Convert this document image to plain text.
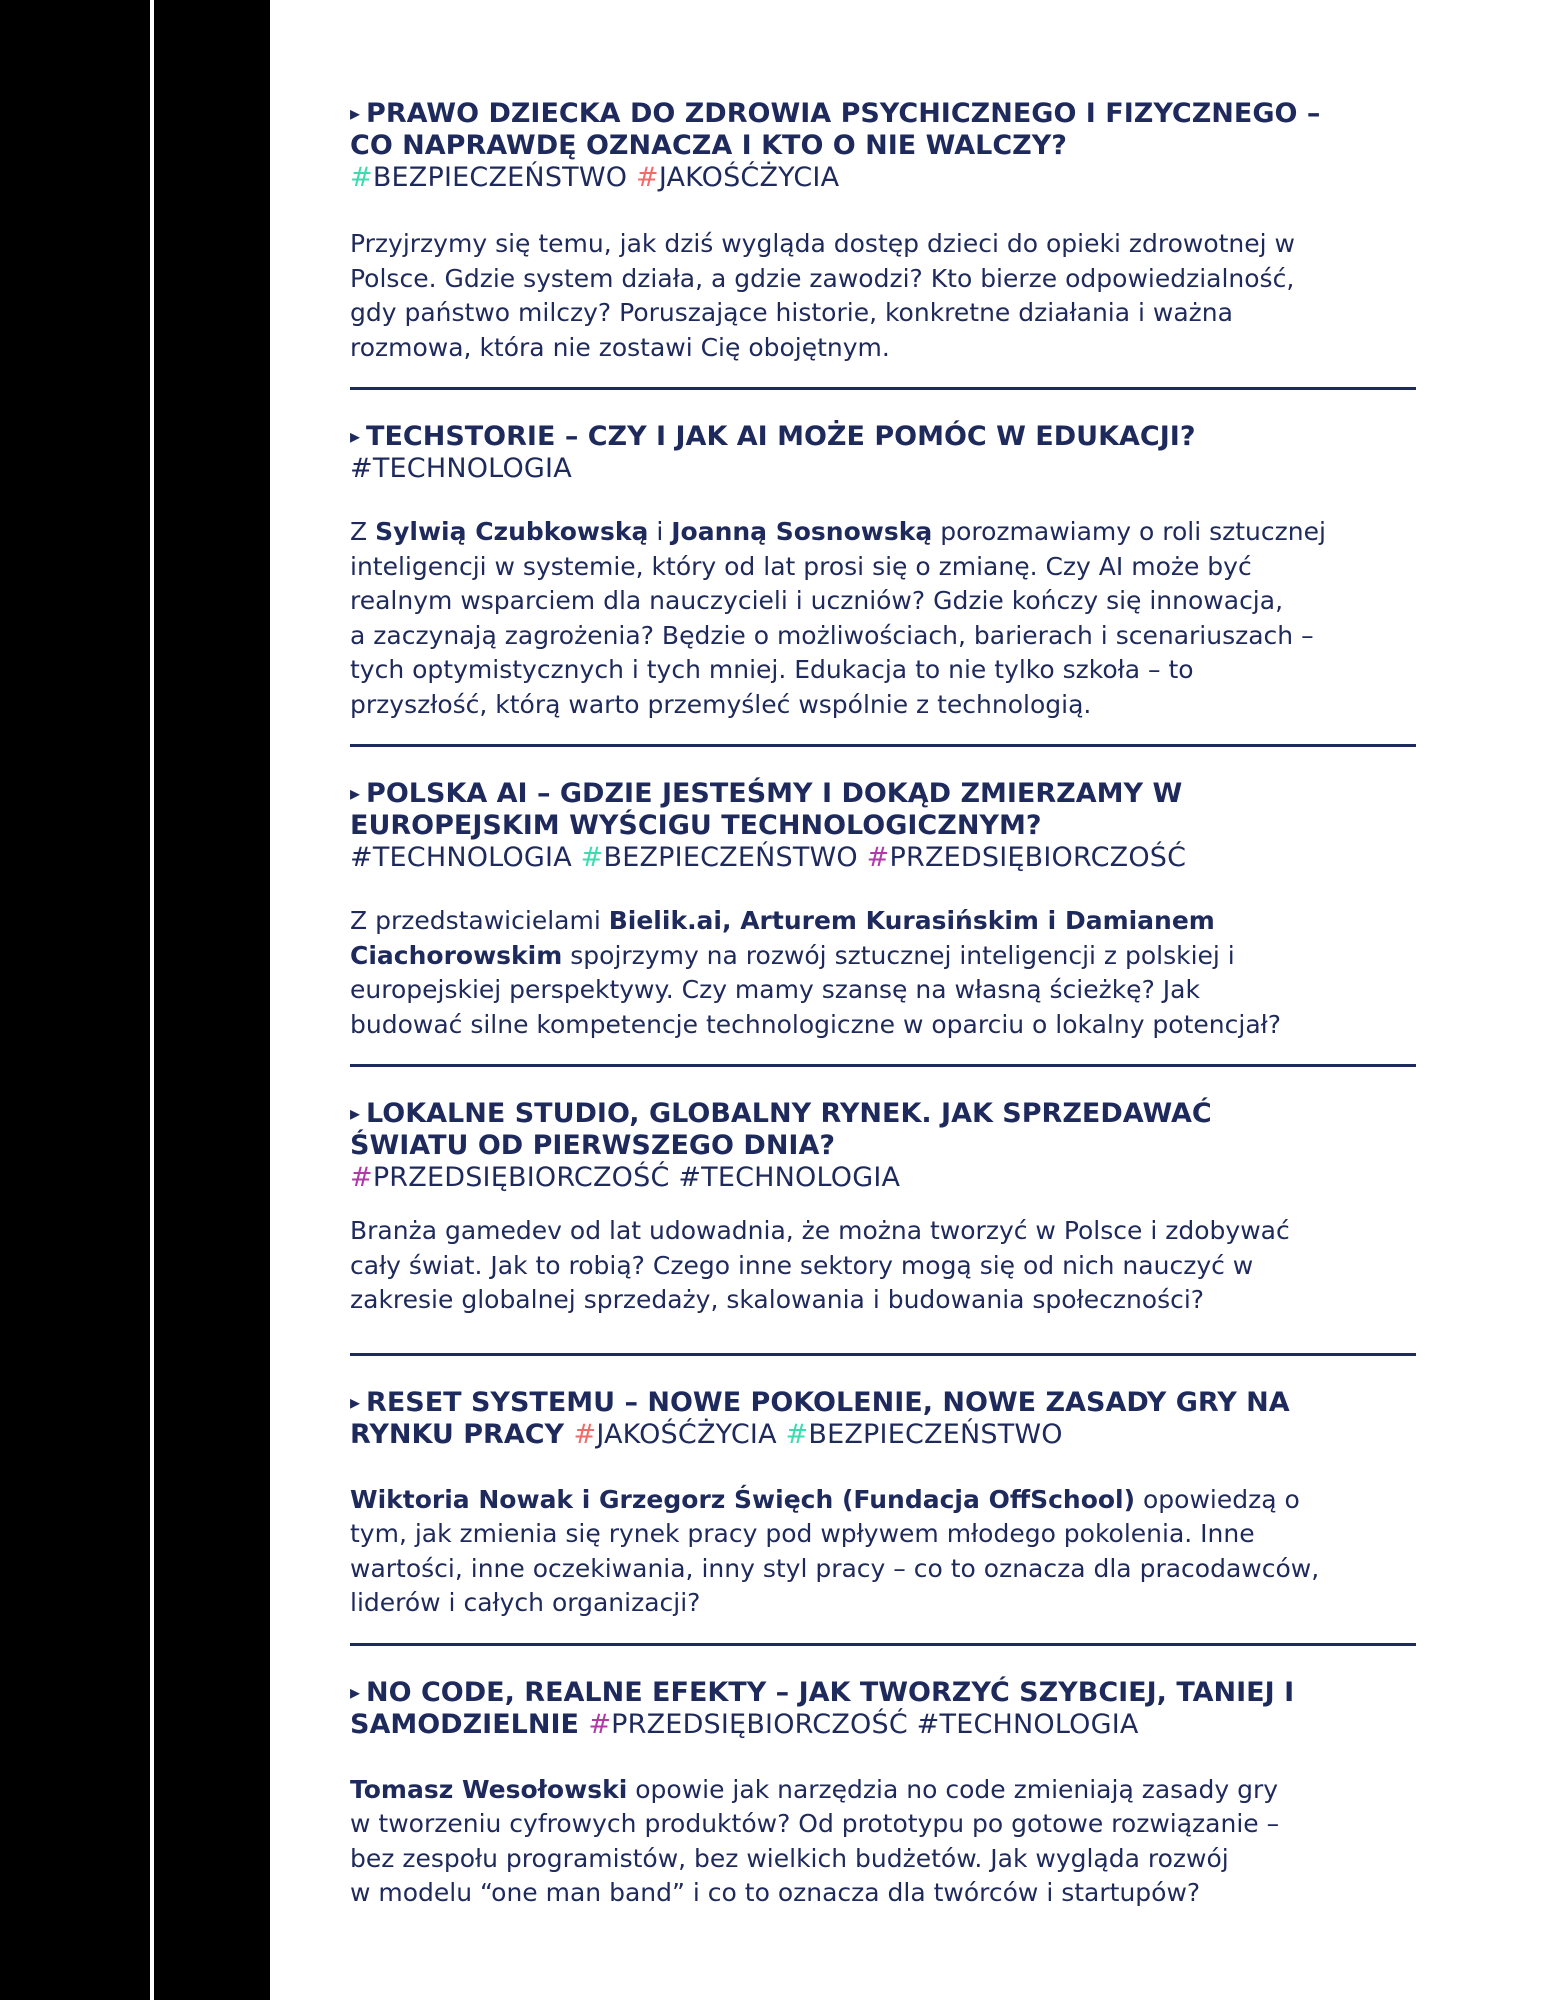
▸ PRAWO DZIECKA DO ZDROWIA PSYCHICZNEGO I FIZYCZNEGO –
CO NAPRAWDĘ OZNACZA I KTO O NIE WALCZY?
#BEZPIECZEŃSTWO #JAKOŚĆŻYCIA
Przyjrzymy się temu, jak dziś wygląda dostęp dzieci do opieki zdrowotnej w
Polsce. Gdzie system działa, a gdzie zawodzi? Kto bierze odpowiedzialność,
gdy państwo milczy? Poruszające historie, konkretne działania i ważna
rozmowa, która nie zostawi Cię obojętnym.
▸ TECHSTORIE – CZY I JAK AI MOŻE POMÓC W EDUKACJI?
#TECHNOLOGIA
Z Sylwią Czubkowską i Joanną Sosnowską porozmawiamy o roli sztucznej
inteligencji w systemie, który od lat prosi się o zmianę. Czy AI może być
realnym wsparciem dla nauczycieli i uczniów? Gdzie kończy się innowacja,
a zaczynają zagrożenia? Będzie o możliwościach, barierach i scenariuszach –
tych optymistycznych i tych mniej. Edukacja to nie tylko szkoła – to
przyszłość, którą warto przemyśleć wspólnie z technologią.
▸ POLSKA AI – GDZIE JESTEŚMY I DOKĄD ZMIERZAMY W
EUROPEJSKIM WYŚCIGU TECHNOLOGICZNYM?
#TECHNOLOGIA #BEZPIECZEŃSTWO #PRZEDSIĘBIORCZOŚĆ
Z przedstawicielami Bielik.ai, Arturem Kurasińskim i Damianem
Ciachorowskim spojrzymy na rozwój sztucznej inteligencji z polskiej i
europejskiej perspektywy. Czy mamy szansę na własną ścieżkę? Jak
budować silne kompetencje technologiczne w oparciu o lokalny potencjał?
▸ LOKALNE STUDIO, GLOBALNY RYNEK. JAK SPRZEDAWAĆ
ŚWIATU OD PIERWSZEGO DNIA?
#PRZEDSIĘBIORCZOŚĆ #TECHNOLOGIA
Branża gamedev od lat udowadnia, że można tworzyć w Polsce i zdobywać
cały świat. Jak to robią? Czego inne sektory mogą się od nich nauczyć w
zakresie globalnej sprzedaży, skalowania i budowania społeczności?
▸ RESET SYSTEMU – NOWE POKOLENIE, NOWE ZASADY GRY NA
RYNKU PRACY #JAKOŚĆŻYCIA #BEZPIECZEŃSTWO
Wiktoria Nowak i Grzegorz Święch (Fundacja OffSchool) opowiedzą o
tym, jak zmienia się rynek pracy pod wpływem młodego pokolenia. Inne
wartości, inne oczekiwania, inny styl pracy – co to oznacza dla pracodawców,
liderów i całych organizacji?
▸ NO CODE, REALNE EFEKTY – JAK TWORZYĆ SZYBCIEJ, TANIEJ I
SAMODZIELNIE #PRZEDSIĘBIORCZOŚĆ #TECHNOLOGIA
Tomasz Wesołowski opowie jak narzędzia no code zmieniają zasady gry
w tworzeniu cyfrowych produktów? Od prototypu po gotowe rozwiązanie –
bez zespołu programistów, bez wielkich budżetów. Jak wygląda rozwój
w modelu “one man band” i co to oznacza dla twórców i startupów?
